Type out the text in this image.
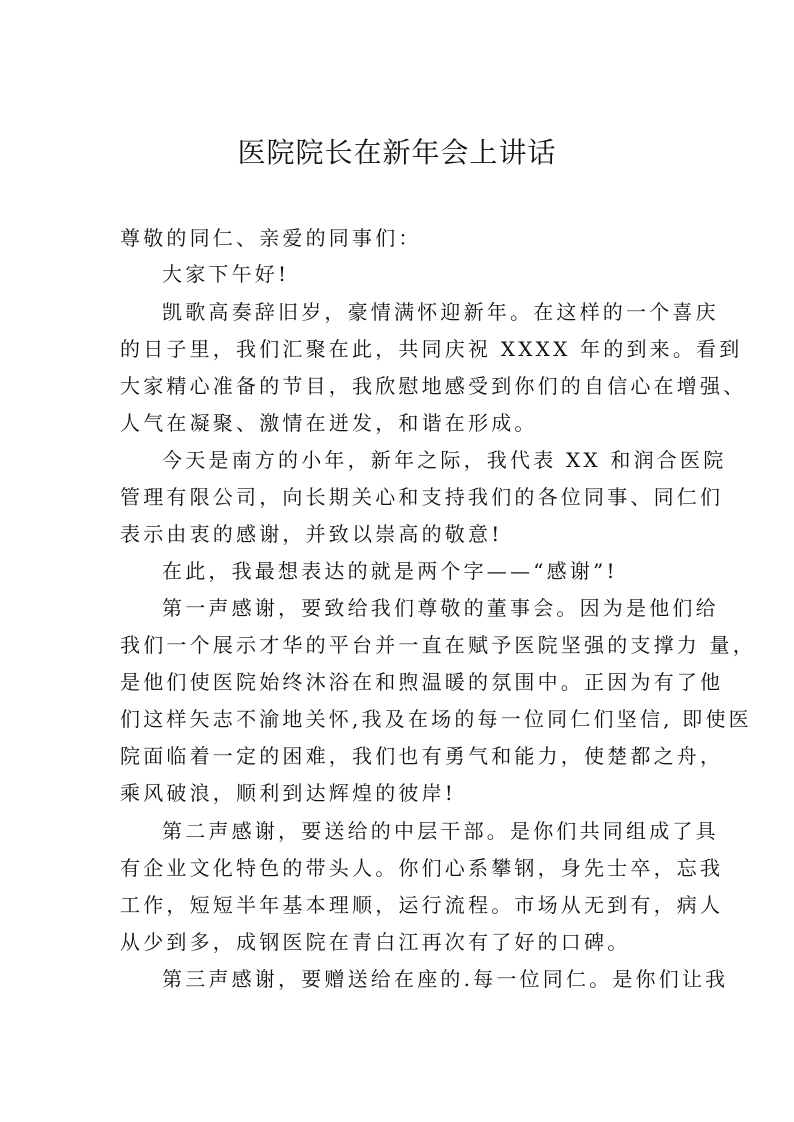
医院院长在新年会上讲话
尊敬的同仁、亲爱的同事们：
大家下午好!
凯歌高奏辞旧岁，豪情满怀迎新年。在这样的一个喜庆
的日子里，我们汇聚在此，共同庆祝 XXXX 年的到来。看到
大家精心准备的节目，我欣慰地感受到你们的自信心在增强、
人气在凝聚、激情在迸发，和谐在形成。
今天是南方的小年，新年之际，我代表 XX 和润合医院
管理有限公司，向长期关心和支持我们的各位同事、同仁们
表示由衷的感谢，并致以崇高的敬意!
在此，我最想表达的就是两个字——“感谢”!
第一声感谢，要致给我们尊敬的董事会。因为是他们给
我们一个展示才华的平台并一直在赋予医院坚强的支撑力 量，
是他们使医院始终沐浴在和煦温暖的氛围中。正因为有了他
们这样矢志不渝地关怀,我及在场的每一位同仁们坚信, 即使医
院面临着一定的困难，我们也有勇气和能力，使楚都之舟，
乘风破浪，顺利到达辉煌的彼岸!
第二声感谢，要送给的中层干部。是你们共同组成了具
有企业文化特色的带头人。你们心系攀钢，身先士卒，忘我
工作，短短半年基本理顺，运行流程。市场从无到有，病人
从少到多，成钢医院在青白江再次有了好的口碑。
第三声感谢，要赠送给在座的.每一位同仁。是你们让我
